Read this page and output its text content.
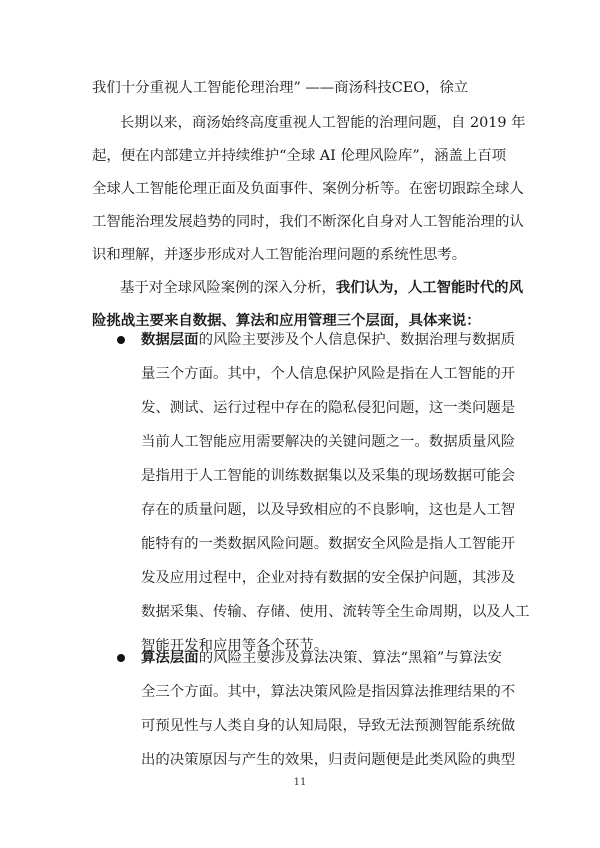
我们十分重视人工智能伦理治理” ——商汤科技CEO，徐立
长期以来，商汤始终高度重视人工智能的治理问题，自 2019 年
起，便在内部建立并持续维护“全球 AI 伦理风险库”，涵盖上百项
全球人工智能伦理正面及负面事件、案例分析等。在密切跟踪全球人
工智能治理发展趋势的同时，我们不断深化自身对人工智能治理的认
识和理解，并逐步形成对人工智能治理问题的系统性思考。
基于对全球风险案例的深入分析，我们认为，人工智能时代的风
险挑战主要来自数据、算法和应用管理三个层面，具体来说：
数据层面的风险主要涉及个人信息保护、数据治理与数据质
量三个方面。其中，个人信息保护风险是指在人工智能的开
发、测试、运行过程中存在的隐私侵犯问题，这一类问题是
当前人工智能应用需要解决的关键问题之一。数据质量风险
是指用于人工智能的训练数据集以及采集的现场数据可能会
存在的质量问题，以及导致相应的不良影响，这也是人工智
能特有的一类数据风险问题。数据安全风险是指人工智能开
发及应用过程中，企业对持有数据的安全保护问题，其涉及
数据采集、传输、存储、使用、流转等全生命周期，以及人工
智能开发和应用等各个环节。
算法层面的风险主要涉及算法决策、算法“黑箱”与算法安
全三个方面。其中，算法决策风险是指因算法推理结果的不
可预见性与人类自身的认知局限，导致无法预测智能系统做
出的决策原因与产生的效果，归责问题便是此类风险的典型
11
